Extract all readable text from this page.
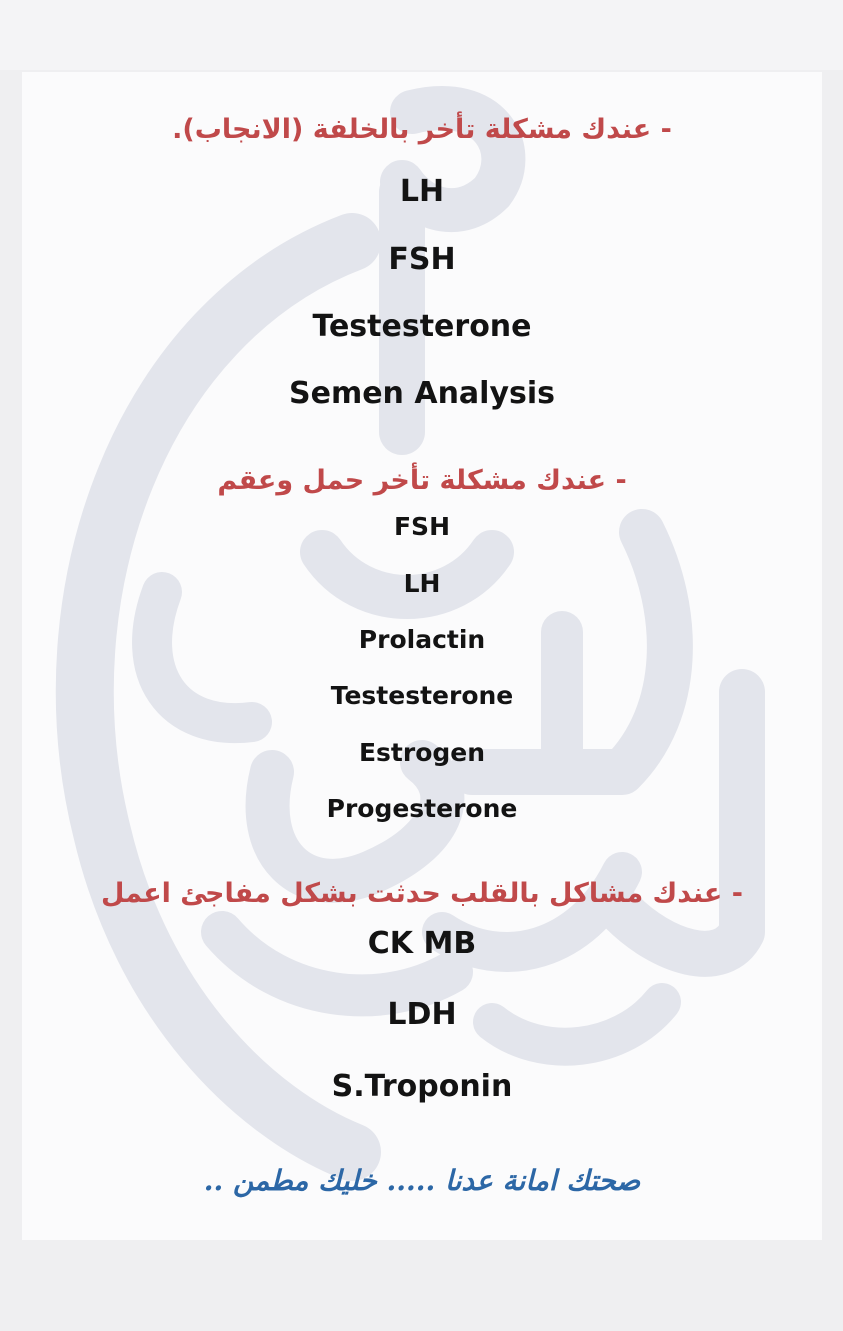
- عندك مشكلة تأخر بالخلفة (الانجاب).
LH
FSH
Testesterone
Semen Analysis
- عندك مشكلة تأخر حمل وعقم
FSH
LH
Prolactin
Testesterone
Estrogen
Progesterone
- عندك مشاكل بالقلب حدثت بشكل مفاجئ اعمل
CK MB
LDH
S.Troponin
صحتك امانة عدنا ..... خليك مطمن ..
